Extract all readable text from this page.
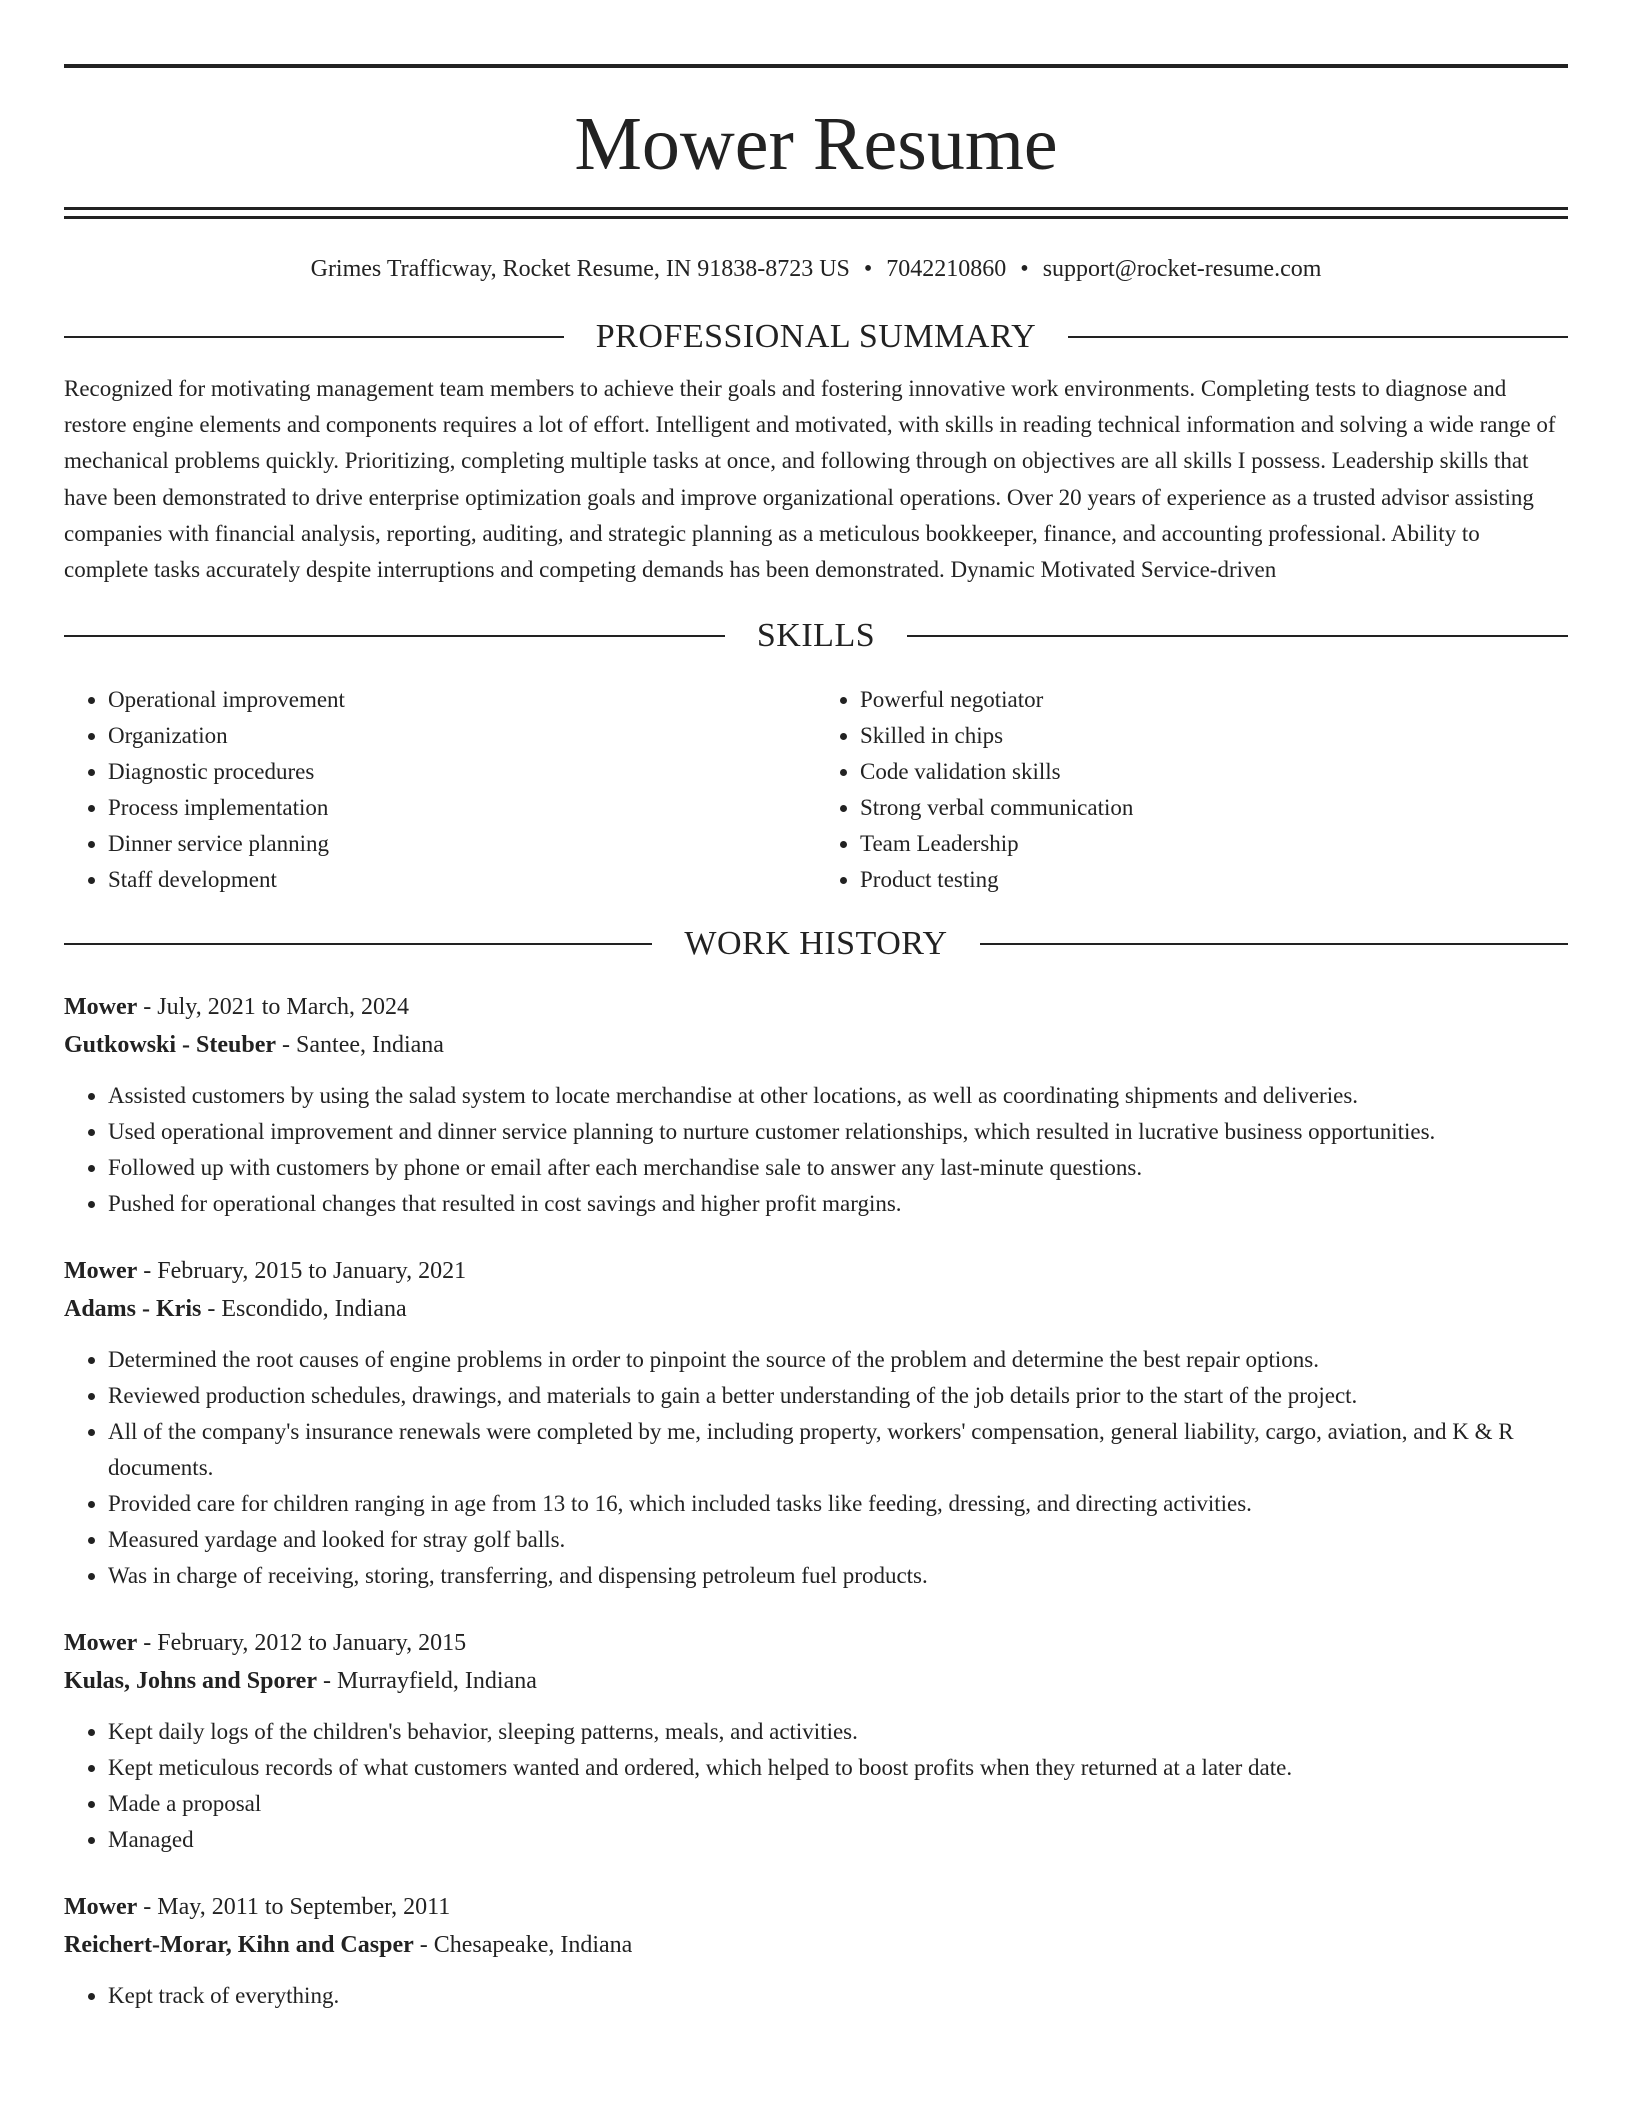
Mower Resume
Grimes Trafficway, Rocket Resume, IN 91838-8723 US • 7042210860 • support@rocket-resume.com
PROFESSIONAL SUMMARY

Recognized for motivating management team members to achieve their goals and fostering innovative work environments. Completing tests to diagnose and restore engine elements and components requires a lot of effort. Intelligent and motivated, with skills in reading technical information and solving a wide range of mechanical problems quickly. Prioritizing, completing multiple tasks at once, and following through on objectives are all skills I possess. Leadership skills that have been demonstrated to drive enterprise optimization goals and improve organizational operations. Over 20 years of experience as a trusted advisor assisting companies with financial analysis, reporting, auditing, and strategic planning as a meticulous bookkeeper, finance, and accounting professional. Ability to complete tasks accurately despite interruptions and competing demands has been demonstrated. Dynamic Motivated Service-driven

SKILLS
• Operational improvement
• Organization
• Diagnostic procedures
• Process implementation
• Dinner service planning
• Staff development
• Powerful negotiator
• Skilled in chips
• Code validation skills
• Strong verbal communication
• Team Leadership
• Product testing
WORK HISTORY
Mower - July, 2021 to March, 2024
Gutkowski - Steuber - Santee, Indiana
• Assisted customers by using the salad system to locate merchandise at other locations, as well as coordinating shipments and deliveries.
• Used operational improvement and dinner service planning to nurture customer relationships, which resulted in lucrative business opportunities.
• Followed up with customers by phone or email after each merchandise sale to answer any last-minute questions.
• Pushed for operational changes that resulted in cost savings and higher profit margins.
Mower - February, 2015 to January, 2021
Adams - Kris - Escondido, Indiana
• Determined the root causes of engine problems in order to pinpoint the source of the problem and determine the best repair options.
• Reviewed production schedules, drawings, and materials to gain a better understanding of the job details prior to the start of the project.
• All of the company's insurance renewals were completed by me, including property, workers' compensation, general liability, cargo, aviation, and K & R documents.
• Provided care for children ranging in age from 13 to 16, which included tasks like feeding, dressing, and directing activities.
• Measured yardage and looked for stray golf balls.
• Was in charge of receiving, storing, transferring, and dispensing petroleum fuel products.
Mower - February, 2012 to January, 2015
Kulas, Johns and Sporer - Murrayfield, Indiana
• Kept daily logs of the children's behavior, sleeping patterns, meals, and activities.
• Kept meticulous records of what customers wanted and ordered, which helped to boost profits when they returned at a later date.
• Made a proposal
• Managed
Mower - May, 2011 to September, 2011
Reichert-Morar, Kihn and Casper - Chesapeake, Indiana
• Kept track of everything.
